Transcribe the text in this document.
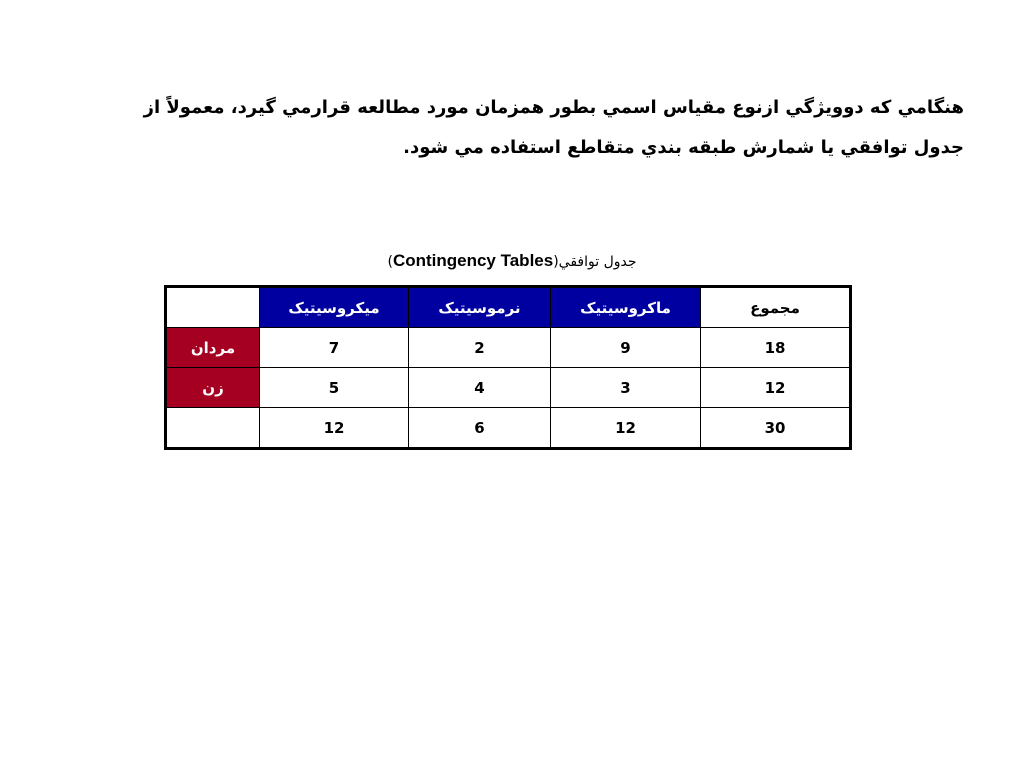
هنگامي كه دوويژگي ازنوع مقياس اسمي بطور همزمان مورد مطالعه قرارمي گيرد، معمولاً از
جدول توافقي يا شمارش طبقه بندي متقاطع استفاده مي شود.

جدول توافقي(Contingency Tables)
	ميكروسيتيک	نرموسيتيک	ماكروسيتيک	مجموع
مردان	7	2	9	18
زن	5	4	3	12
	12	6	12	30
